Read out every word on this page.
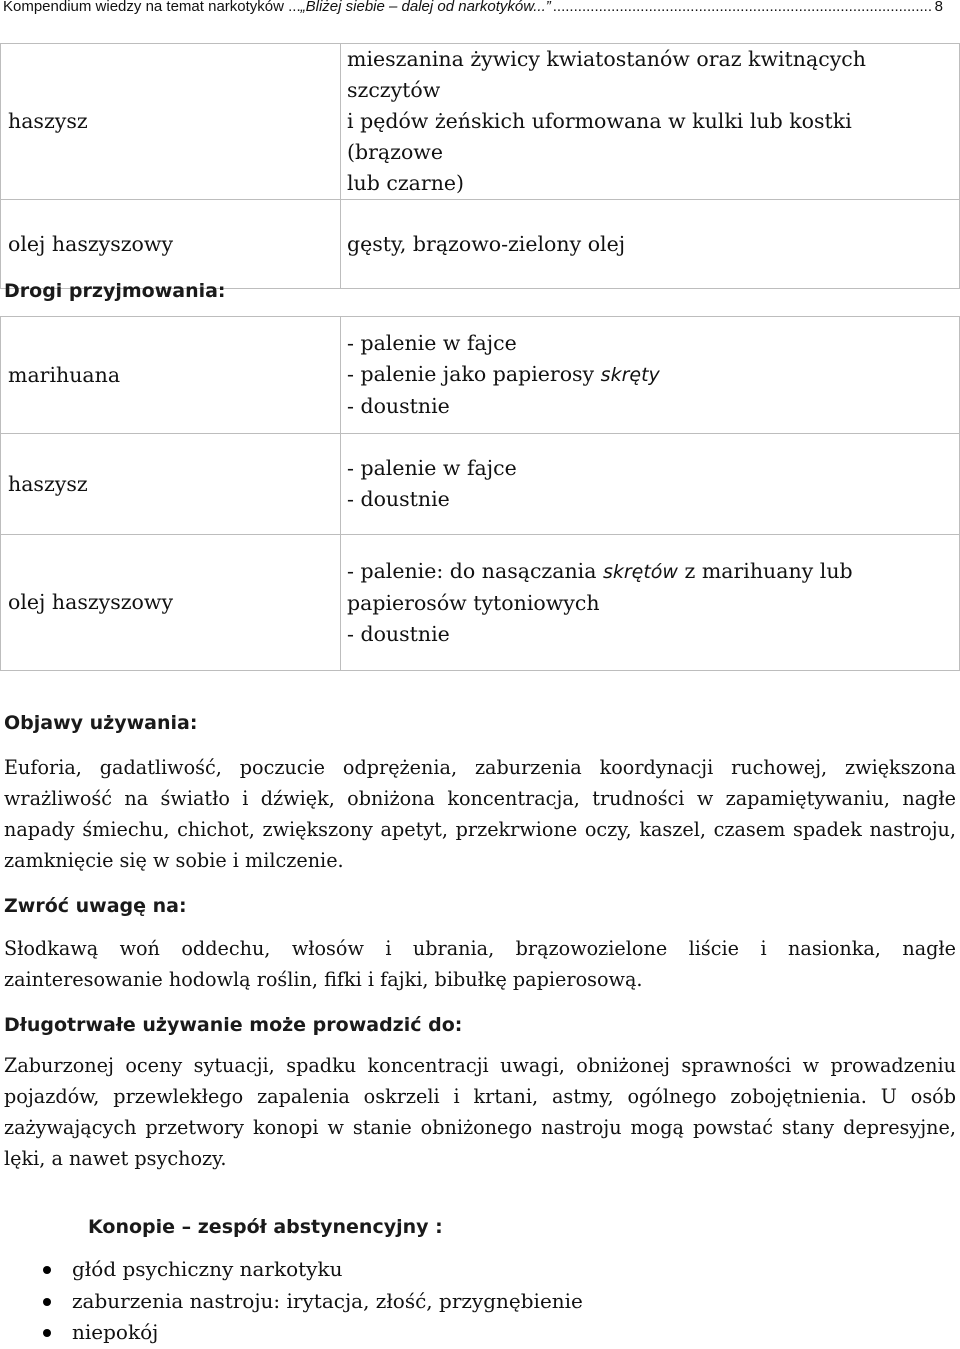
Kompendium wiedzy na temat narkotyków ... „Bliżej siebie – dalej od narkotyków...” .....	8
haszysz	mieszanina żywicy kwiatostanów oraz kwitnących szczytów
i pędów żeńskich uformowana w kulki lub kostki (brązowe
lub czarne)

olej haszyszowy	gęsty, brązowo-zielony olej
Drogi przyjmowania:
marihuana	- palenie w fajce
- palenie jako papierosy skręty
- doustnie

haszysz	- palenie w fajce
- doustnie

olej haszyszowy	- palenie: do nasączania skrętów z marihuany lub
papierosów tytoniowych
- doustnie
Objawy używania:
Euforia, gadatliwość, poczucie odprężenia, zaburzenia koordynacji ruchowej, zwiększona wrażliwość na światło i dźwięk, obniżona koncentracja, trudności w zapamiętywaniu, nagłe napady śmiechu, chichot, zwiększony apetyt, przekrwione oczy, kaszel, czasem spadek nastroju, zamknięcie się w sobie i milczenie.
Zwróć uwagę na:
Słodkawą woń oddechu, włosów i ubrania, brązowozielone liście i nasionka, nagłe zainteresowanie hodowlą roślin, fifki i fajki, bibułkę papierosową.
Długotrwałe używanie może prowadzić do:
Zaburzonej oceny sytuacji, spadku koncentracji uwagi, obniżonej sprawności w prowadzeniu pojazdów, przewlekłego zapalenia oskrzeli i krtani, astmy, ogólnego zobojętnienia. U osób zażywających przetwory konopi w stanie obniżonego nastroju mogą powstać stany depresyjne, lęki, a nawet psychozy.
Konopie – zespół abstynencyjny :
głód psychiczny narkotyku
zaburzenia nastroju: irytacja, złość, przygnębienie
niepokój
